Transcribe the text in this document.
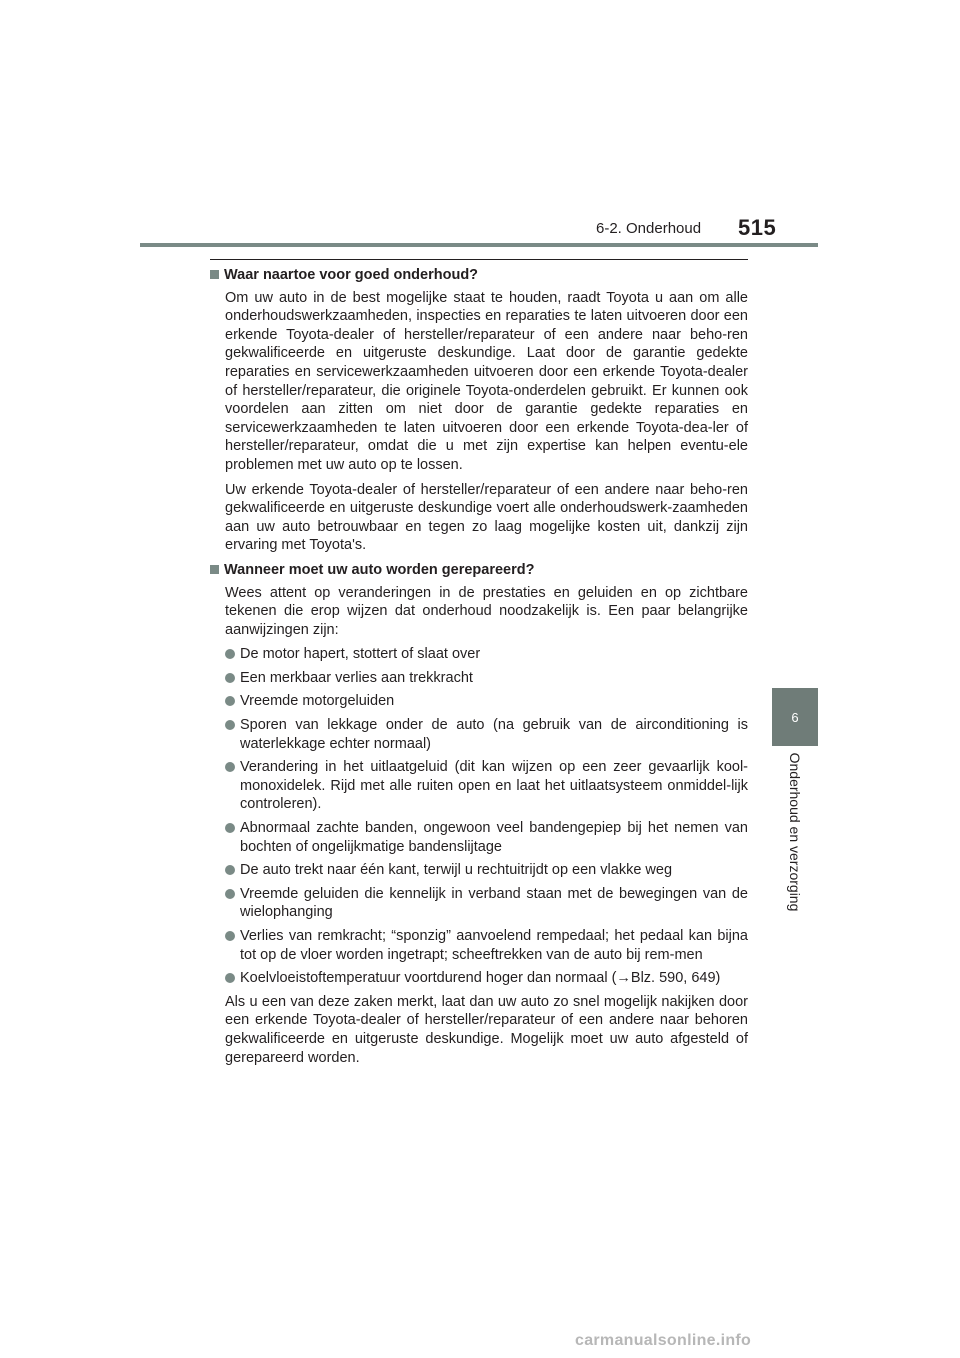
6-2. Onderhoud 515
6
Onderhoud en verzorging
Waar naartoe voor goed onderhoud?

Om uw auto in de best mogelijke staat te houden, raadt Toyota u aan om alle onderhoudswerkzaamheden, inspecties en reparaties te laten uitvoeren door een erkende Toyota-dealer of hersteller/reparateur of een andere naar beho-ren gekwalificeerde en uitgeruste deskundige. Laat door de garantie gedekte reparaties en servicewerkzaamheden uitvoeren door een erkende Toyota-dealer of hersteller/reparateur, die originele Toyota-onderdelen gebruikt. Er kunnen ook voordelen aan zitten om niet door de garantie gedekte reparaties en servicewerkzaamheden te laten uitvoeren door een erkende Toyota-dea-ler of hersteller/reparateur, omdat die u met zijn expertise kan helpen eventu-ele problemen met uw auto op te lossen.

Uw erkende Toyota-dealer of hersteller/reparateur of een andere naar beho-ren gekwalificeerde en uitgeruste deskundige voert alle onderhoudswerk-zaamheden aan uw auto betrouwbaar en tegen zo laag mogelijke kosten uit, dankzij zijn ervaring met Toyota's.

Wanneer moet uw auto worden gerepareerd?

Wees attent op veranderingen in de prestaties en geluiden en op zichtbare tekenen die erop wijzen dat onderhoud noodzakelijk is. Een paar belangrijke aanwijzingen zijn:

De motor hapert, stottert of slaat over
Een merkbaar verlies aan trekkracht
Vreemde motorgeluiden
Sporen van lekkage onder de auto (na gebruik van de airconditioning is waterlekkage echter normaal)
Verandering in het uitlaatgeluid (dit kan wijzen op een zeer gevaarlijk kool-monoxidelek. Rijd met alle ruiten open en laat het uitlaatsysteem onmiddel-lijk controleren).
Abnormaal zachte banden, ongewoon veel bandengepiep bij het nemen van bochten of ongelijkmatige bandenslijtage
De auto trekt naar één kant, terwijl u rechtuitrijdt op een vlakke weg
Vreemde geluiden die kennelijk in verband staan met de bewegingen van de wielophanging
Verlies van remkracht; “sponzig” aanvoelend rempedaal; het pedaal kan bijna tot op de vloer worden ingetrapt; scheeftrekken van de auto bij rem-men
Koelvloeistoftemperatuur voortdurend hoger dan normaal (→Blz. 590, 649)

Als u een van deze zaken merkt, laat dan uw auto zo snel mogelijk nakijken door een erkende Toyota-dealer of hersteller/reparateur of een andere naar behoren gekwalificeerde en uitgeruste deskundige. Mogelijk moet uw auto afgesteld of gerepareerd worden.

carmanualsonline.info
